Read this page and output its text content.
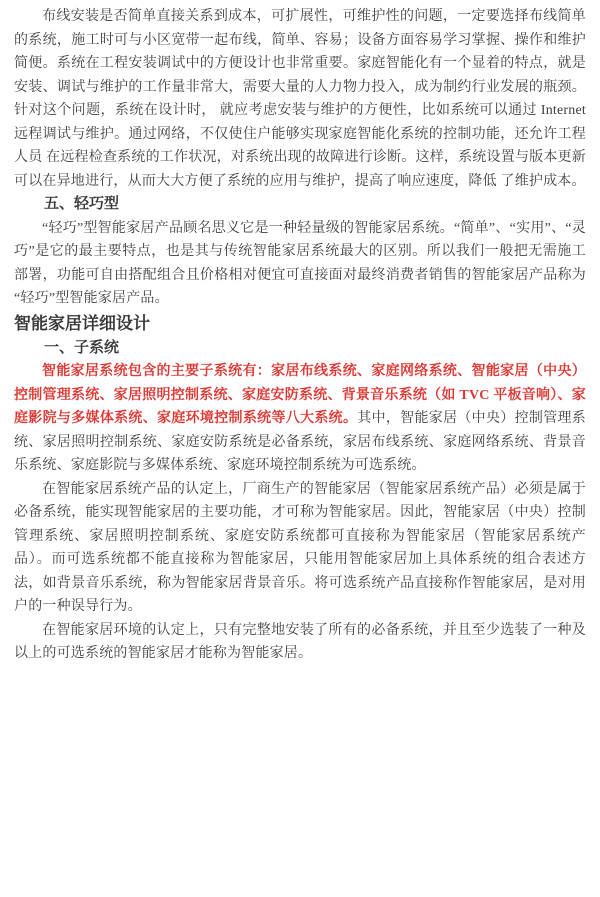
布线安装是否简单直接关系到成本，可扩展性，可维护性的问题，一定要选择布线简单的系统，施工时可与小区宽带一起布线，简单、容易；设备方面容易学习掌握、操作和维护简便。系统在工程安装调试中的方便设计也非常重要。家庭智能化有一个显着的特点，就是安装、调试与维护的工作量非常大，需要大量的人力物力投入，成为制约行业发展的瓶颈。针对这个问题，系统在设计时， 就应考虑安装与维护的方便性，比如系统可以通过 Internet 远程调试与维护。通过网络，不仅使住户能够实现家庭智能化系统的控制功能，还允许工程人员 在远程检查系统的工作状况，对系统出现的故障进行诊断。这样，系统设置与版本更新可以在异地进行，从而大大方便了系统的应用与维护，提高了响应速度，降低 了维护成本。

五、轻巧型

“轻巧”型智能家居产品顾名思义它是一种轻量级的智能家居系统。“简单”、“实用”、“灵巧”是它的最主要特点，也是其与传统智能家居系统最大的区别。所以我们一般把无需施工部署，功能可自由搭配组合且价格相对便宜可直接面对最终消费者销售的智能家居产品称为“轻巧”型智能家居产品。

智能家居详细设计
一、子系统

智能家居系统包含的主要子系统有：家居布线系统、家庭网络系统、智能家居（中央）控制管理系统、家居照明控制系统、家庭安防系统、背景音乐系统（如 TVC 平板音响）、家庭影院与多媒体系统、家庭环境控制系统等八大系统。其中，智能家居（中央）控制管理系统、家居照明控制系统、家庭安防系统是必备系统，家居布线系统、家庭网络系统、背景音乐系统、家庭影院与多媒体系统、家庭环境控制系统为可选系统。

在智能家居系统产品的认定上，厂商生产的智能家居（智能家居系统产品）必须是属于必备系统，能实现智能家居的主要功能，才可称为智能家居。因此，智能家居（中央）控制管理系统、家居照明控制系统、家庭安防系统都可直接称为智能家居（智能家居系统产品）。而可选系统都不能直接称为智能家居，只能用智能家居加上具体系统的组合表述方法，如背景音乐系统，称为智能家居背景音乐。将可选系统产品直接称作智能家居，是对用户的一种误导行为。

在智能家居环境的认定上，只有完整地安装了所有的必备系统，并且至少选装了一种及以上的可选系统的智能家居才能称为智能家居。
